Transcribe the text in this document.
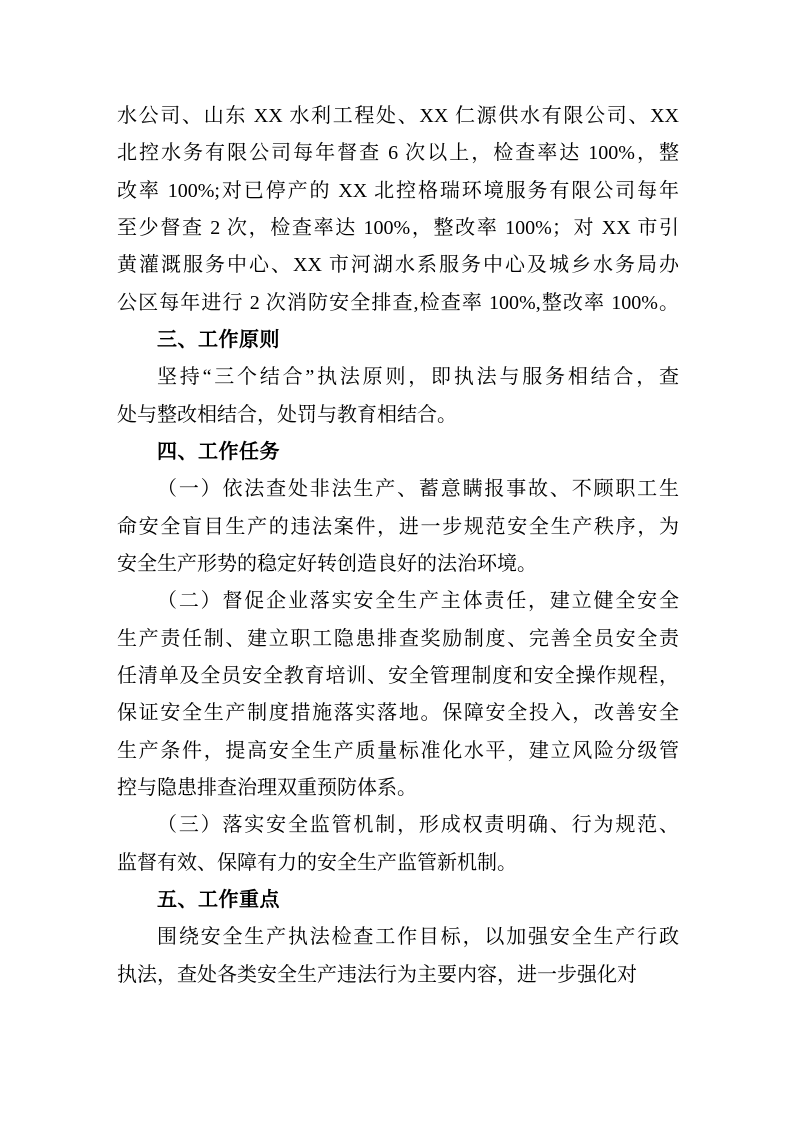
水公司、山东 XX 水利工程处、XX 仁源供水有限公司、XX
北控水务有限公司每年督查 6 次以上，检查率达 100%，整
改率 100%;对已停产的 XX 北控格瑞环境服务有限公司每年
至少督查 2 次，检查率达 100%，整改率 100%；对 XX 市引
黄灌溉服务中心、XX 市河湖水系服务中心及城乡水务局办
公区每年进行 2 次消防安全排查,检查率 100%,整改率 100%。
三、工作原则
坚持“三个结合”执法原则，即执法与服务相结合，查
处与整改相结合，处罚与教育相结合。
四、工作任务
（一）依法查处非法生产、蓄意瞒报事故、不顾职工生
命安全盲目生产的违法案件，进一步规范安全生产秩序，为
安全生产形势的稳定好转创造良好的法治环境。
（二）督促企业落实安全生产主体责任，建立健全安全
生产责任制、建立职工隐患排查奖励制度、完善全员安全责
任清单及全员安全教育培训、安全管理制度和安全操作规程，
保证安全生产制度措施落实落地。保障安全投入，改善安全
生产条件，提高安全生产质量标准化水平，建立风险分级管
控与隐患排查治理双重预防体系。
（三）落实安全监管机制，形成权责明确、行为规范、
监督有效、保障有力的安全生产监管新机制。
五、工作重点
围绕安全生产执法检查工作目标，以加强安全生产行政
执法，查处各类安全生产违法行为主要内容，进一步强化对
